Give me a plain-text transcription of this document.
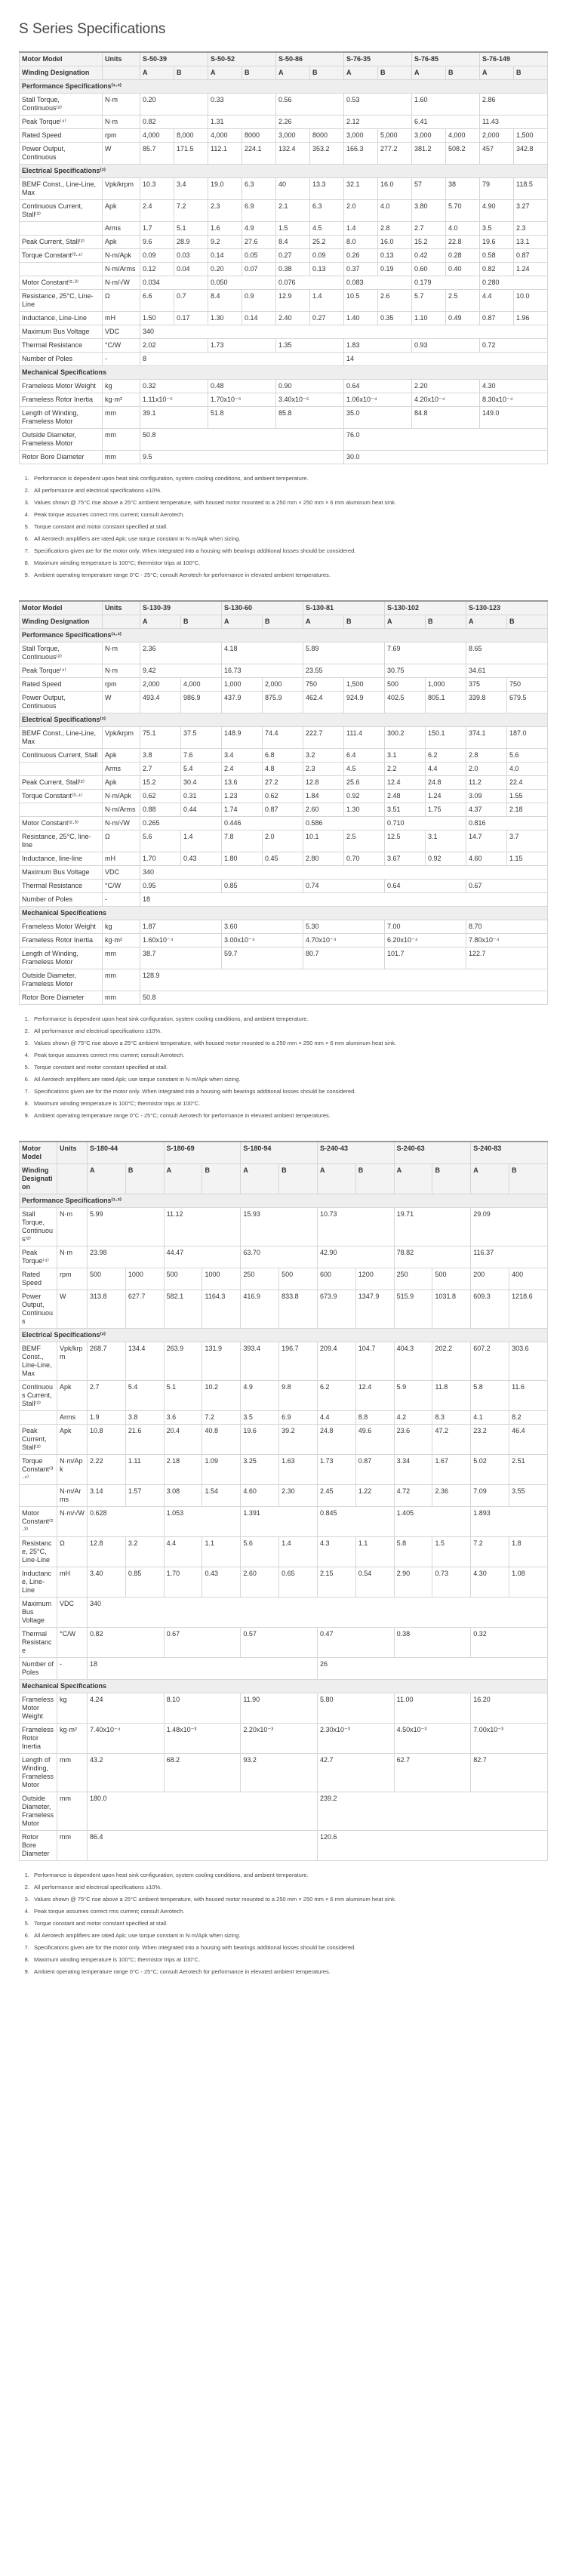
S Series Specifications
Motor Model	Units	S-50-39		S-50-52		S-50-86		S-76-35		S-76-85		S-76-149	
Winding Designation		A	B	A	B	A	B	A	B	A	B	A	B
Performance Specifications⁽¹·²⁾													
Stall Torque, Continuous⁽²⁾	N·m	0.20		0.33		0.56		0.53		1.60		2.86	
Peak Torque⁽⁴⁾	N·m	0.82		1.31		2.26		2.12		6.41		11.43	
Rated Speed	rpm	4,000	8,000	4,000	8000	3,000	8000	3,000	5,000	3,000	4,000	2,000	1,500
Power Output, Continuous	W	85.7	171.5	112.1	224.1	132.4	353.2	166.3	277.2	381.2	508.2	457	342.8
Electrical Specifications⁽²⁾													
BEMF Const., Line-Line, Max	Vpk/krpm	10.3	3.4	19.0	6.3	40	13.3	32.1	16.0	57	38	79	118.5
Continuous Current, Stall⁽²⁾	Apk	2.4	7.2	2.3	6.9	2.1	6.3	2.0	4.0	3.80	5.70	4.90	3.27
	Arms	1.7	5.1	1.6	4.9	1.5	4.5	1.4	2.8	2.7	4.0	3.5	2.3
Peak Current, Stall⁽²⁾	Apk	9.6	28.9	9.2	27.6	8.4	25.2	8.0	16.0	15.2	22.8	19.6	13.1
Torque Constant⁽³·⁴⁾	N·m/Apk	0.09	0.03	0.14	0.05	0.27	0.09	0.26	0.13	0.42	0.28	0.58	0.87
	N·m/Arms	0.12	0.04	0.20	0.07	0.38	0.13	0.37	0.19	0.60	0.40	0.82	1.24
Motor Constant⁽²·³⁾	N·m/√W	0.034		0.050		0.076		0.083		0.179		0.280	
Resistance, 25°C, Line-Line	Ω	6.6	0.7	8.4	0.9	12.9	1.4	10.5	2.6	5.7	2.5	4.4	10.0
Inductance, Line-Line	mH	1.50	0.17	1.30	0.14	2.40	0.27	1.40	0.35	1.10	0.49	0.87	1.96
Maximum Bus Voltage	VDC	340											
Thermal Resistance	°C/W	2.02		1.73		1.35		1.83		0.93		0.72	
Number of Poles	-	8						14					
Mechanical Specifications													
Frameless Motor Weight	kg	0.32		0.48		0.90		0.64		2.20		4.30	
Frameless Rotor Inertia	kg·m²	1.11x10⁻⁵		1.70x10⁻⁵		3.40x10⁻⁵		1.06x10⁻⁴		4.20x10⁻⁴		8.30x10⁻⁴	
Length of Winding, Frameless Motor	mm	39.1		51.8		85.8		35.0		84.8		149.0	
Outside Diameter, Frameless Motor	mm	50.8						76.0					
Rotor Bore Diameter	mm	9.5						30.0					
1. Performance is dependent upon heat sink configuration, system cooling conditions, and ambient temperature.
2. All performance and electrical specifications ±10%.
3. Values shown @ 75°C rise above a 25°C ambient temperature, with housed motor mounted to a 250 mm × 250 mm × 6 mm aluminum heat sink.
4. Peak torque assumes correct rms current; consult Aerotech.
5. Torque constant and motor constant specified at stall.
6. All Aerotech amplifiers are rated Apk; use torque constant in N·m/Apk when sizing.
7. Specifications given are for the motor only. When integrated into a housing with bearings additional losses should be considered.
8. Maximum winding temperature is 100°C; thermistor trips at 100°C.
9. Ambient operating temperature range 0°C - 25°C; consult Aerotech for performance in elevated ambient temperatures.
Motor Model	Units	S-130-39		S-130-60		S-130-81		S-130-102		S-130-123	
Winding Designation		A	B	A	B	A	B	A	B	A	B
Performance Specifications⁽¹·²⁾											
Stall Torque, Continuous⁽²⁾	N·m	2.36		4.18		5.89		7.69		8.65	
Peak Torque⁽⁴⁾	N·m	9.42		16.73		23.55		30.75		34.61	
Rated Speed	rpm	2,000	4,000	1,000	2,000	750	1,500	500	1,000	375	750
Power Output, Continuous	W	493.4	986.9	437.9	875.9	462.4	924.9	402.5	805.1	339.8	679.5
Electrical Specifications⁽²⁾											
BEMF Const., Line-Line, Max	Vpk/krpm	75.1	37.5	148.9	74.4	222.7	111.4	300.2	150.1	374.1	187.0
Continuous Current, Stall	Apk	3.8	7.6	3.4	6.8	3.2	6.4	3.1	6.2	2.8	5.6
	Arms	2.7	5.4	2.4	4.8	2.3	4.5	2.2	4.4	2.0	4.0
Peak Current, Stall⁽²⁾	Apk	15.2	30.4	13.6	27.2	12.8	25.6	12.4	24.8	11.2	22.4
Torque Constant⁽³·⁴⁾	N·m/Apk	0.62	0.31	1.23	0.62	1.84	0.92	2.48	1.24	3.09	1.55
	N·m/Arms	0.88	0.44	1.74	0.87	2.60	1.30	3.51	1.75	4.37	2.18
Motor Constant⁽²·³⁾	N·m/√W	0.265		0.446		0.586		0.710		0.816	
Resistance, 25°C, line-line	Ω	5.6	1.4	7.8	2.0	10.1	2.5	12.5	3.1	14.7	3.7
Inductance, line-line	mH	1.70	0.43	1.80	0.45	2.80	0.70	3.67	0.92	4.60	1.15
Maximum Bus Voltage	VDC	340									
Thermal Resistance	°C/W	0.95		0.85		0.74		0.64		0.67	
Number of Poles	-	18									
Mechanical Specifications											
Frameless Motor Weight	kg	1.87		3.60		5.30		7.00		8.70	
Frameless Rotor Inertia	kg·m²	1.60x10⁻⁴		3.00x10⁻⁴		4.70x10⁻⁴		6.20x10⁻⁴		7.80x10⁻⁴	
Length of Winding, Frameless Motor	mm	38.7		59.7		80.7		101.7		122.7	
Outside Diameter, Frameless Motor	mm	128.9									
Rotor Bore Diameter	mm	50.8									
1. Performance is dependent upon heat sink configuration, system cooling conditions, and ambient temperature.
2. All performance and electrical specifications ±10%.
3. Values shown @ 75°C rise above a 25°C ambient temperature, with housed motor mounted to a 250 mm × 250 mm × 6 mm aluminum heat sink.
4. Peak torque assumes correct rms current; consult Aerotech.
5. Torque constant and motor constant specified at stall.
6. All Aerotech amplifiers are rated Apk; use torque constant in N·m/Apk when sizing.
7. Specifications given are for the motor only. When integrated into a housing with bearings additional losses should be considered.
8. Maximum winding temperature is 100°C; thermistor trips at 100°C.
9. Ambient operating temperature range 0°C - 25°C; consult Aerotech for performance in elevated ambient temperatures.
Motor Model	Units	S-180-44		S-180-69		S-180-94		S-240-43		S-240-63		S-240-83	
Winding Designation		A	B	A	B	A	B	A	B	A	B	A	B
Performance Specifications⁽¹·²⁾													
Stall Torque, Continuous⁽²⁾	N·m	5.99		11.12		15.93		10.73		19.71		29.09	
Peak Torque⁽⁴⁾	N·m	23.98		44.47		63.70		42.90		78.82		116.37	
Rated Speed	rpm	500	1000	500	1000	250	500	600	1200	250	500	200	400
Power Output, Continuous	W	313.8	627.7	582.1	1164.3	416.9	833.8	673.9	1347.9	515.9	1031.8	609.3	1218.6
Electrical Specifications⁽²⁾													
BEMF Const., Line-Line, Max	Vpk/krpm	268.7	134.4	263.9	131.9	393.4	196.7	209.4	104.7	404.3	202.2	607.2	303.6
Continuous Current, Stall⁽²⁾	Apk	2.7	5.4	5.1	10.2	4.9	9.8	6.2	12.4	5.9	11.8	5.8	11.6
	Arms	1.9	3.8	3.6	7.2	3.5	6.9	4.4	8.8	4.2	8.3	4.1	8.2
Peak Current, Stall⁽²⁾	Apk	10.8	21.6	20.4	40.8	19.6	39.2	24.8	49.6	23.6	47.2	23.2	46.4
Torque Constant⁽³·⁴⁾	N·m/Apk	2.22	1.11	2.18	1.09	3.25	1.63	1.73	0.87	3.34	1.67	5.02	2.51
	N·m/Arms	3.14	1.57	3.08	1.54	4.60	2.30	2.45	1.22	4.72	2.36	7.09	3.55
Motor Constant⁽²·³⁾	N·m/√W	0.628		1.053		1.391		0.845		1.405		1.893	
Resistance, 25°C, Line-Line	Ω	12.8	3.2	4.4	1.1	5.6	1.4	4.3	1.1	5.8	1.5	7.2	1.8
Inductance, Line-Line	mH	3.40	0.85	1.70	0.43	2.60	0.65	2.15	0.54	2.90	0.73	4.30	1.08
Maximum Bus Voltage	VDC	340											
Thermal Resistance	°C/W	0.82		0.67		0.57		0.47		0.38		0.32	
Number of Poles	-	18						26					
Mechanical Specifications													
Frameless Motor Weight	kg	4.24		8.10		11.90		5.80		11.00		16.20	
Frameless Rotor Inertia	kg·m²	7.40x10⁻⁴		1.48x10⁻³		2.20x10⁻³		2.30x10⁻³		4.50x10⁻³		7.00x10⁻³	
Length of Winding, Frameless Motor	mm	43.2		68.2		93.2		42.7		62.7		82.7	
Outside Diameter, Frameless Motor	mm	180.0						239.2					
Rotor Bore Diameter	mm	86.4						120.6					
1. Performance is dependent upon heat sink configuration, system cooling conditions, and ambient temperature.
2. All performance and electrical specifications ±10%.
3. Values shown @ 75°C rise above a 25°C ambient temperature, with housed motor mounted to a 250 mm × 250 mm × 6 mm aluminum heat sink.
4. Peak torque assumes correct rms current; consult Aerotech.
5. Torque constant and motor constant specified at stall.
6. All Aerotech amplifiers are rated Apk; use torque constant in N·m/Apk when sizing.
7. Specifications given are for the motor only. When integrated into a housing with bearings additional losses should be considered.
8. Maximum winding temperature is 100°C; thermistor trips at 100°C.
9. Ambient operating temperature range 0°C - 25°C; consult Aerotech for performance in elevated ambient temperatures.
